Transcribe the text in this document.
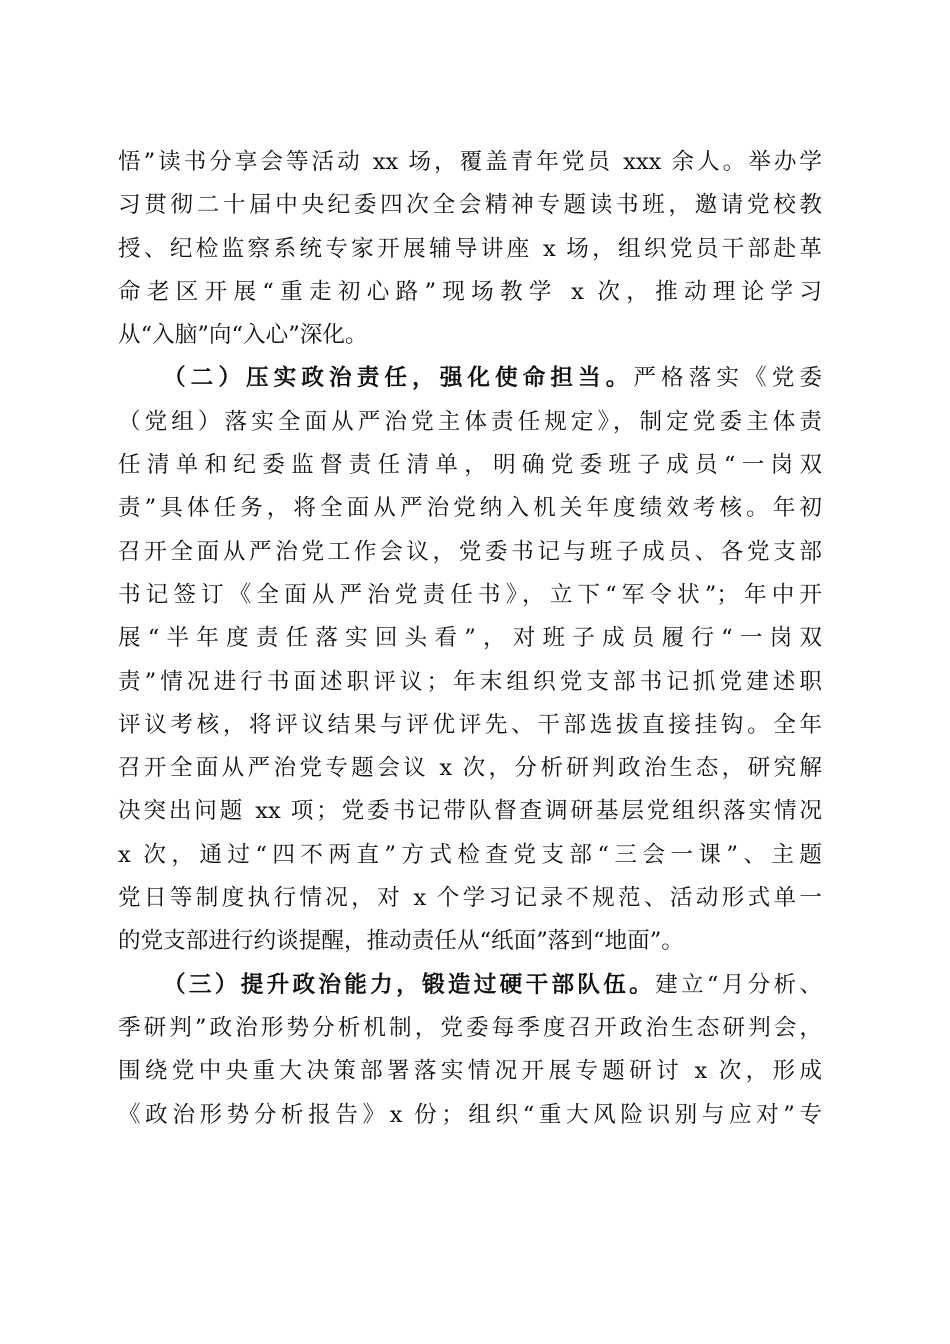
悟”读书分享会等活动 xx 场，覆盖青年党员 xxx 余人。举办学
习贯彻二十届中央纪委四次全会精神专题读书班，邀请党校教
授、纪检监察系统专家开展辅导讲座 x 场，组织党员干部赴革
命老区开展“重走初心路”现场教学 x 次，推动理论学习
从“入脑”向“入心”深化。
（二）压实政治责任，强化使命担当。严格落实《党委
（党组）落实全面从严治党主体责任规定》，制定党委主体责
任清单和纪委监督责任清单，明确党委班子成员“一岗双
责”具体任务，将全面从严治党纳入机关年度绩效考核。年初
召开全面从严治党工作会议，党委书记与班子成员、各党支部
书记签订《全面从严治党责任书》，立下“军令状”；年中开
展“半年度责任落实回头看”，对班子成员履行“一岗双
责”情况进行书面述职评议；年末组织党支部书记抓党建述职
评议考核，将评议结果与评优评先、干部选拔直接挂钩。全年
召开全面从严治党专题会议 x 次，分析研判政治生态，研究解
决突出问题 xx 项；党委书记带队督查调研基层党组织落实情况
x 次，通过“四不两直”方式检查党支部“三会一课”、主题
党日等制度执行情况，对 x 个学习记录不规范、活动形式单一
的党支部进行约谈提醒，推动责任从“纸面”落到“地面”。
（三）提升政治能力，锻造过硬干部队伍。建立“月分析、
季研判”政治形势分析机制，党委每季度召开政治生态研判会，
围绕党中央重大决策部署落实情况开展专题研讨 x 次，形成
《政治形势分析报告》x 份；组织“重大风险识别与应对”专
